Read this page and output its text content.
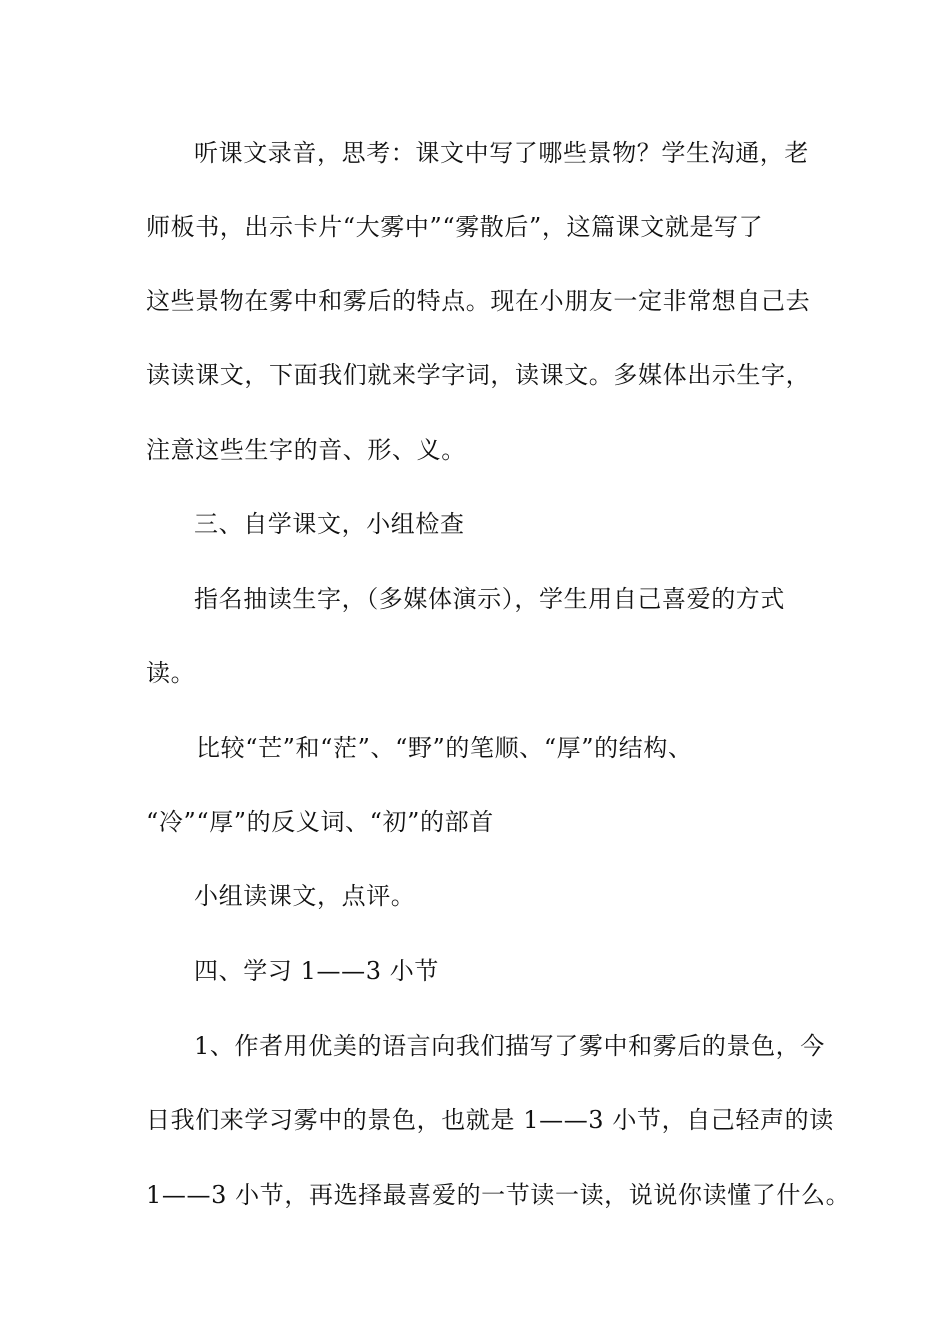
听课文录音，思考：课文中写了哪些景物？学生沟通，老
师板书，出示卡片“大雾中”“雾散后”，这篇课文就是写了
这些景物在雾中和雾后的特点。现在小朋友一定非常想自己去
读读课文，下面我们就来学字词，读课文。多媒体出示生字，
注意这些生字的音、形、义。
三、自学课文，小组检查
指名抽读生字，（多媒体演示），学生用自己喜爱的方式
读。
比较“芒”和“茫”、“野”的笔顺、“厚”的结构、
“冷”“厚”的反义词、“初”的部首
小组读课文，点评。
四、学习 1——3 小节
1、作者用优美的语言向我们描写了雾中和雾后的景色，今
日我们来学习雾中的景色，也就是 1——3 小节，自己轻声的读
1——3 小节，再选择最喜爱的一节读一读，说说你读懂了什么。
